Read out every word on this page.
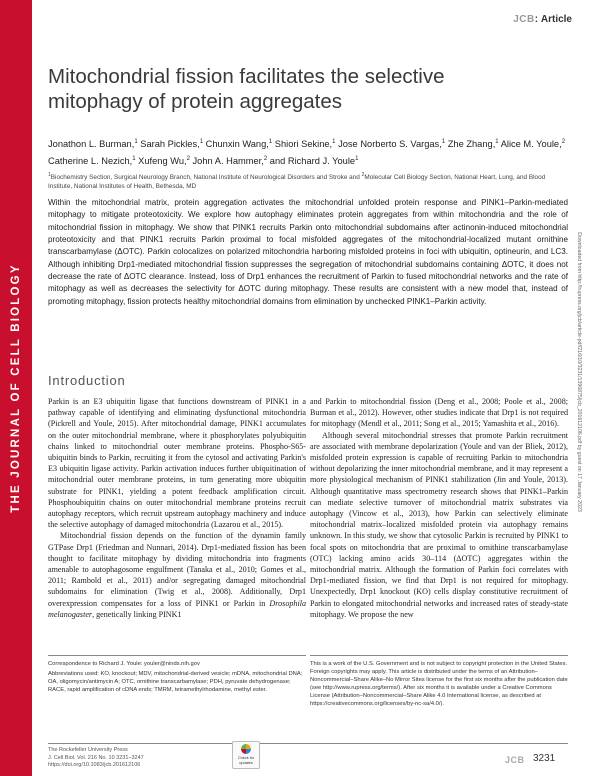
THE JOURNAL OF CELL BIOLOGY
JCB: Article
Downloaded from http://rupress.org/jcb/article-pdf/216/10/3231/1396875/jcb_201612106.pdf by guest on 17 January 2023
Mitochondrial fission facilitates the selective mitophagy of protein aggregates
Jonathon L. Burman,$^1$ Sarah Pickles,$^1$ Chunxin Wang,$^1$ Shiori Sekine,$^1$ Jose Norberto S. Vargas,$^1$ Zhe Zhang,$^1$ Alice M. Youle,$^2$ Catherine L. Nezich,$^1$ Xufeng Wu,$^2$ John A. Hammer,$^2$ and Richard J. Youle$^1$
$^1$Biochemistry Section, Surgical Neurology Branch, National Institute of Neurological Disorders and Stroke and $^2$Molecular Cell Biology Section, National Heart, Lung, and Blood Institute, National Institutes of Health, Bethesda, MD

Within the mitochondrial matrix, protein aggregation activates the mitochondrial unfolded protein response and PINK1–Parkin-mediated mitophagy to mitigate proteotoxicity. We explore how autophagy eliminates protein aggregates from within mitochondria and the role of mitochondrial fission in mitophagy. We show that PINK1 recruits Parkin onto mitochondrial subdomains after actinonin-induced mitochondrial proteotoxicity and that PINK1 recruits Parkin proximal to focal misfolded aggregates of the mitochondrial-localized mutant ornithine transcarbamylase (ΔOTC). Parkin colocalizes on polarized mitochondria harboring misfolded proteins in foci with ubiquitin, optineurin, and LC3. Although inhibiting Drp1-mediated mitochondrial fission suppresses the segregation of mitochondrial subdomains containing ΔOTC, it does not decrease the rate of ΔOTC clearance. Instead, loss of Drp1 enhances the recruitment of Parkin to fused mitochondrial networks and the rate of mitophagy as well as decreases the selectivity for ΔOTC during mitophagy. These results are consistent with a new model that, instead of promoting mitophagy, fission protects healthy mitochondrial domains from elimination by unchecked PINK1–Parkin activity.

Introduction

Parkin is an E3 ubiquitin ligase that functions downstream of PINK1 in a pathway capable of identifying and eliminating dysfunctional mitochondria (Pickrell and Youle, 2015). After mitochondrial damage, PINK1 accumulates on the outer mitochondrial membrane, where it phosphorylates polyubiquitin chains linked to mitochondrial outer membrane proteins. Phospho-S65-ubiquitin binds to Parkin, recruiting it from the cytosol and activating Parkin's E3 ubiquitin ligase activity. Parkin activation induces further ubiquitination of mitochondrial outer membrane proteins, in turn generating more ubiquitin substrate for PINK1, yielding a potent feedback amplification circuit. Phosphoubiquitin chains on outer mitochondrial membrane proteins recruit autophagy receptors, which recruit upstream autophagy machinery and induce the selective autophagy of damaged mitochondria (Lazarou et al., 2015).

Mitochondrial fission depends on the function of the dynamin family GTPase Drp1 (Friedman and Nunnari, 2014). Drp1-mediated fission has been thought to facilitate mitophagy by dividing mitochondria into fragments amenable to autophagosome engulfment (Tanaka et al., 2010; Gomes et al., 2011; Rambold et al., 2011) and/or segregating damaged mitochondrial subdomains for elimination (Twig et al., 2008). Additionally, Drp1 overexpression compensates for a loss of PINK1 or Parkin in Drosophila melanogaster, genetically linking PINK1

and Parkin to mitochondrial fission (Deng et al., 2008; Poole et al., 2008; Burman et al., 2012). However, other studies indicate that Drp1 is not required for mitophagy (Mendl et al., 2011; Song et al., 2015; Yamashita et al., 2016).

Although several mitochondrial stresses that promote Parkin recruitment are associated with membrane depolarization (Youle and van der Bliek, 2012), misfolded protein expression is capable of recruiting Parkin to mitochondria without depolarizing the inner mitochondrial membrane, and it may represent a more physiological mechanism of PINK1 stabilization (Jin and Youle, 2013). Although quantitative mass spectrometry research shows that PINK1–Parkin can mediate selective turnover of mitochondrial matrix substrates via autophagy (Vincow et al., 2013), how Parkin can selectively eliminate mitochondrial matrix–localized misfolded protein via autophagy remains unknown. In this study, we show that cytosolic Parkin is recruited by PINK1 to focal spots on mitochondria that are proximal to ornithine transcarbamylase (OTC) lacking amino acids 30–114 (ΔOTC) aggregates within the mitochondrial matrix. Although the formation of Parkin foci correlates with Drp1-mediated fission, we find that Drp1 is not required for mitophagy. Unexpectedly, Drp1 knockout (KO) cells display constitutive recruitment of Parkin to elongated mitochondrial networks and increased rates of steady-state mitophagy. We propose the new

Correspondence to Richard J. Youle: youler@ninds.nih.gov

Abbreviations used: KO, knockout; MDV, mitochondrial-derived vesicle; mDNA, mitochondrial DNA; OA, oligomycin/antimycin A; OTC, ornithine transcarbamylase; PDH, pyruvate dehydrogenase; RACE, rapid amplification of cDNA ends; TMRM, tetramethylrhodamine, methyl ester.

This is a work of the U.S. Government and is not subject to copyright protection in the United States. Foreign copyrights may apply. This article is distributed under the terms of an Attribution–Noncommercial–Share Alike–No Mirror Sites license for the first six months after the publication date (see http://www.rupress.org/terms/). After six months it is available under a Creative Commons License (Attribution–Noncommercial–Share Alike 4.0 International license, as described at https://creativecommons.org/licenses/by-nc-sa/4.0/).
The Rockefeller University Press
J. Cell Biol. Vol. 216 No. 10 3231–3247
https://doi.org/10.1083/jcb.201612106
Check for
updates	JCB 3231
